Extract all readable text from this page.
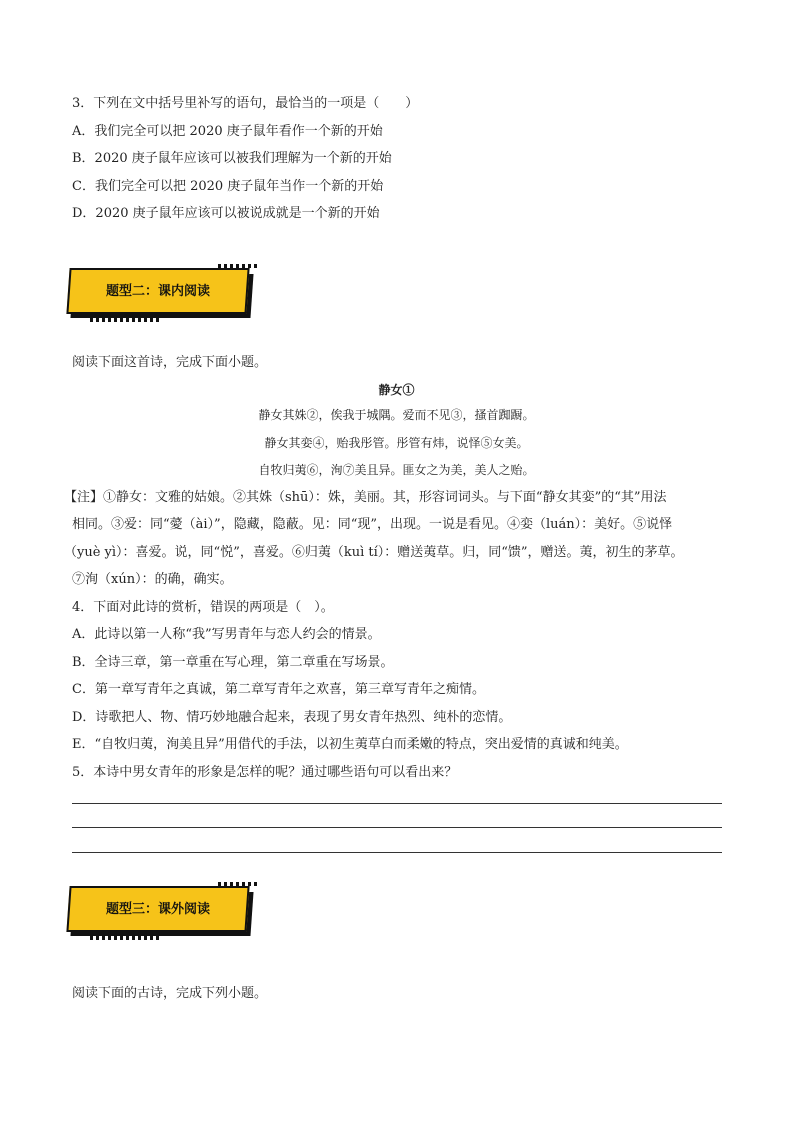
3．下列在文中括号里补写的语句，最恰当的一项是（　　）
A．我们完全可以把 2020 庚子鼠年看作一个新的开始
B．2020 庚子鼠年应该可以被我们理解为一个新的开始
C．我们完全可以把 2020 庚子鼠年当作一个新的开始
D．2020 庚子鼠年应该可以被说成就是一个新的开始
题型二：课内阅读
阅读下面这首诗，完成下面小题。
静女①
静女其姝②，俟我于城隅。爱而不见③，搔首踟蹰。
静女其娈④，贻我彤管。彤管有炜，说怿⑤女美。
自牧归荑⑥，洵⑦美且异。匪女之为美，美人之贻。
【注】①静女：文雅的姑娘。②其姝（shū）：姝，美丽。其，形容词词头。与下面“静女其娈”的“其”用法
相同。③爱：同“薆（ài）”，隐藏，隐蔽。见：同“现”，出现。一说是看见。④娈（luán）：美好。⑤说怿
（yuè yì）：喜爱。说，同“悦”，喜爱。⑥归荑（kuì tí）：赠送荑草。归，同“馈”，赠送。荑，初生的茅草。
⑦洵（xún）：的确，确实。
4．下面对此诗的赏析，错误的两项是（　）。
A．此诗以第一人称“我”写男青年与恋人约会的情景。
B．全诗三章，第一章重在写心理，第二章重在写场景。
C．第一章写青年之真诚，第二章写青年之欢喜，第三章写青年之痴情。
D．诗歌把人、物、情巧妙地融合起来，表现了男女青年热烈、纯朴的恋情。
E．“自牧归荑，洵美且异”用借代的手法，以初生荑草白而柔嫩的特点，突出爱情的真诚和纯美。
5．本诗中男女青年的形象是怎样的呢？通过哪些语句可以看出来？
题型三：课外阅读
阅读下面的古诗，完成下列小题。
